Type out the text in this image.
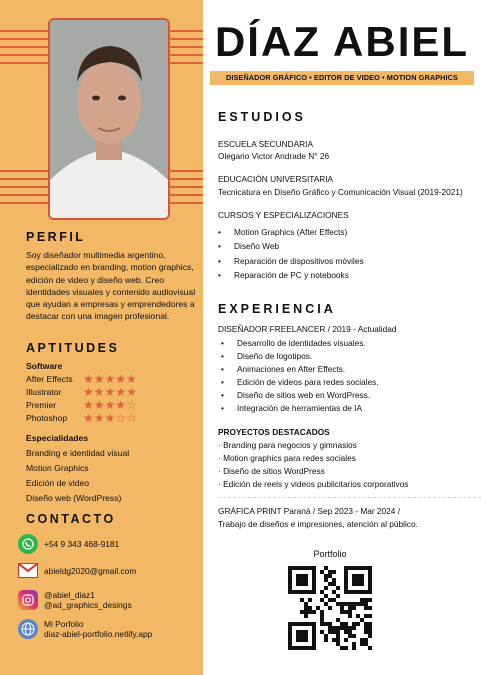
PERFIL
Soy diseñador multimedia argentino, especializado en branding, motion graphics, edición de video y diseño web. Creo identidades visuales y contenido audiovisual que ayudan a empresas y emprendedores a destacar con una imagen profesional.
APTITUDES
Software
After Effects ★★★★★
Illustrator ★★★★★
Premier ★★★★☆
Photoshop ★★★☆☆
Especialidades
Branding e identidad visual
Motion Graphics
Edición de video
Diseño web (WordPress)
CONTACTO
+54 9 343 468-9181
abieldg2020@gmail.com
@abiel_diaz1
@ad_graphics_desings
Mi Porfolio
diaz-abiel-portfolio.netlify.app
DÍAZ ABIEL
DISEÑADOR GRÁFICO • EDITOR DE VIDEO • MOTION GRAPHICS
ESTUDIOS
ESCUELA SECUNDARIA
Olegario Victor Andrade N° 26
EDUCACIÓN UNIVERSITARIA
Tecnicatura en Diseño Gráfico y Comunicación Visual (2019-2021)
CURSOS Y ESPECIALIZACIONES
• Motion Graphics (After Effects)
• Diseño Web
• Reparación de dispositivos móviles
• Reparación de PC y notebooks
EXPERIENCIA
DISEÑADOR FREELANCER / 2019 - Actualidad
• Desarrollo de identidades visuales.
• Diseño de logotipos.
• Animaciones en After Effects.
• Edición de videos para redes sociales.
• Diseño de sitios web en WordPress.
• Integración de herramientas de IA
PROYECTOS DESTACADOS
· Branding para negocios y gimnasios
· Motion graphics para redes sociales
· Diseño de sitios WordPress
· Edición de reels y videos publicitarios corporativos
GRÁFICA PRINT Paraná / Sep 2023 - Mar 2024 /
Trabajo de diseños e impresiones, atención al público.
Portfolio
